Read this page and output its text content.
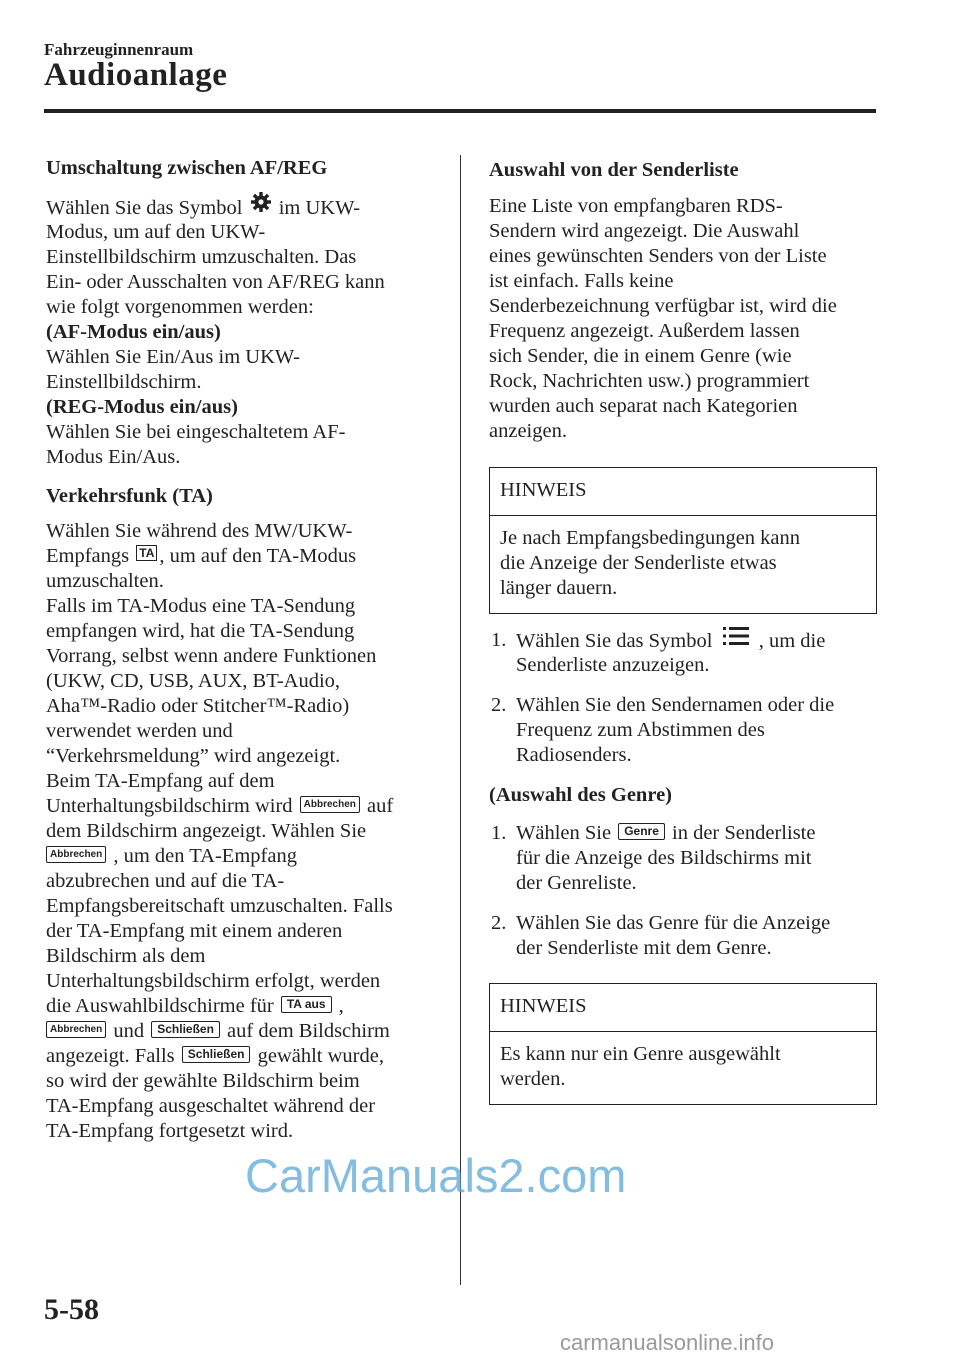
Fahrzeuginnenraum
Audioanlage
Umschaltung zwischen AF/REG
Wählen Sie das Symbol im UKW-
Modus, um auf den UKW-
Einstellbildschirm umzuschalten. Das
Ein- oder Ausschalten von AF/REG kann
wie folgt vorgenommen werden:
(AF-Modus ein/aus)
Wählen Sie Ein/Aus im UKW-
Einstellbildschirm.
(REG-Modus ein/aus)
Wählen Sie bei eingeschaltetem AF-
Modus Ein/Aus.
Verkehrsfunk (TA)
Wählen Sie während des MW/UKW-
Empfangs TA , um auf den TA-Modus
umzuschalten.
Falls im TA-Modus eine TA-Sendung
empfangen wird, hat die TA-Sendung
Vorrang, selbst wenn andere Funktionen
(UKW, CD, USB, AUX, BT-Audio,
Aha™-Radio oder Stitcher™-Radio)
verwendet werden und
“Verkehrsmeldung” wird angezeigt.
Beim TA-Empfang auf dem
Unterhaltungsbildschirm wird Abbrechen auf
dem Bildschirm angezeigt. Wählen Sie
Abbrechen , um den TA-Empfang
abzubrechen und auf die TA-
Empfangsbereitschaft umzuschalten. Falls
der TA-Empfang mit einem anderen
Bildschirm als dem
Unterhaltungsbildschirm erfolgt, werden
die Auswahlbildschirme für TA aus ,
Abbrechen und Schließen auf dem Bildschirm
angezeigt. Falls Schließen gewählt wurde,
so wird der gewählte Bildschirm beim
TA-Empfang ausgeschaltet während der
TA-Empfang fortgesetzt wird.
Auswahl von der Senderliste
Eine Liste von empfangbaren RDS-
Sendern wird angezeigt. Die Auswahl
eines gewünschten Senders von der Liste
ist einfach. Falls keine
Senderbezeichnung verfügbar ist, wird die
Frequenz angezeigt. Außerdem lassen
sich Sender, die in einem Genre (wie
Rock, Nachrichten usw.) programmiert
wurden auch separat nach Kategorien
anzeigen.
HINWEIS
Je nach Empfangsbedingungen kann
die Anzeige der Senderliste etwas
länger dauern.
1. Wählen Sie das Symbol , um die
Senderliste anzuzeigen.
2. Wählen Sie den Sendernamen oder die
Frequenz zum Abstimmen des
Radiosenders.
(Auswahl des Genre)
1. Wählen Sie Genre in der Senderliste
für die Anzeige des Bildschirms mit
der Genreliste.
2. Wählen Sie das Genre für die Anzeige
der Senderliste mit dem Genre.
HINWEIS
Es kann nur ein Genre ausgewählt
werden.
CarManuals2.com
5-58
carmanualsonline.info
